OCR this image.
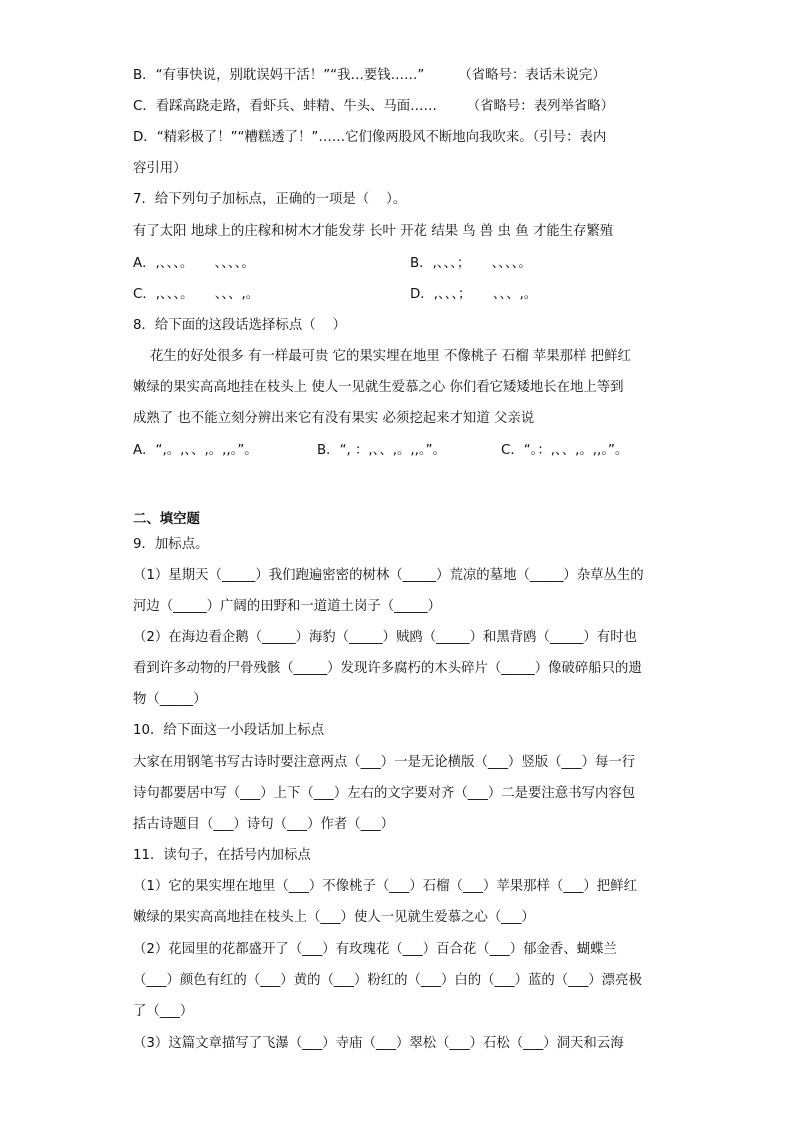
B．“有事快说，别耽误妈干活！”“我…要钱……”        （省略号：表话未说完）
C．看踩高跷走路，看虾兵、蚌精、牛头、马面……       （省略号：表列举省略）
D．“精彩极了！”“糟糕透了！”……它们像两股风不断地向我吹来。（引号：表内
容引用）
7．给下列句子加标点，正确的一项是（    ）。
有了太阳 地球上的庄稼和树木才能发芽 长叶 开花 结果 鸟 兽 虫 鱼 才能生存繁殖
A．,、、、。     、、、、。	B．,、、、；     、、、、。
C．,、、、。     、、、,。	D．,、、、；     、、、,。
8．给下面的这段话选择标点（    ）
花生的好处很多 有一样最可贵 它的果实埋在地里 不像桃子 石榴 苹果那样 把鲜红
嫩绿的果实高高地挂在枝头上 使人一见就生爱慕之心 你们看它矮矮地长在地上等到
成熟了 也不能立刻分辨出来它有没有果实 必须挖起来才知道 父亲说
A．“,。,、、,。,,。”。	B．“, ：,、、,。,,。”。	C．“。：,、、,。,,。”。
二、填空题
9．加标点。
（1）星期天（_____）我们跑遍密密的树林（_____）荒凉的墓地（_____）杂草丛生的
河边（_____）广阔的田野和一道道土岗子（_____）
（2）在海边看企鹅（_____）海豹（_____）贼鸥（_____）和黑背鸥（_____）有时也
看到许多动物的尸骨残骸（_____）发现许多腐朽的木头碎片（_____）像破碎船只的遗
物（_____）
10．给下面这一小段话加上标点
大家在用钢笔书写古诗时要注意两点（___）一是无论横版（___）竖版（___）每一行
诗句都要居中写（___）上下（___）左右的文字要对齐（___）二是要注意书写内容包
括古诗题目（___）诗句（___）作者（___）
11．读句子，在括号内加标点
（1）它的果实埋在地里（___）不像桃子（___）石榴（___）苹果那样（___）把鲜红
嫩绿的果实高高地挂在枝头上（___）使人一见就生爱慕之心（___）
（2）花园里的花都盛开了（___）有玫瑰花（___）百合花（___）郁金香、蝴蝶兰
（___）颜色有红的（___）黄的（___）粉红的（___）白的（___）蓝的（___）漂亮极
了（___）
（3）这篇文章描写了飞瀑（___）寺庙（___）翠松（___）石松（___）洞天和云海
